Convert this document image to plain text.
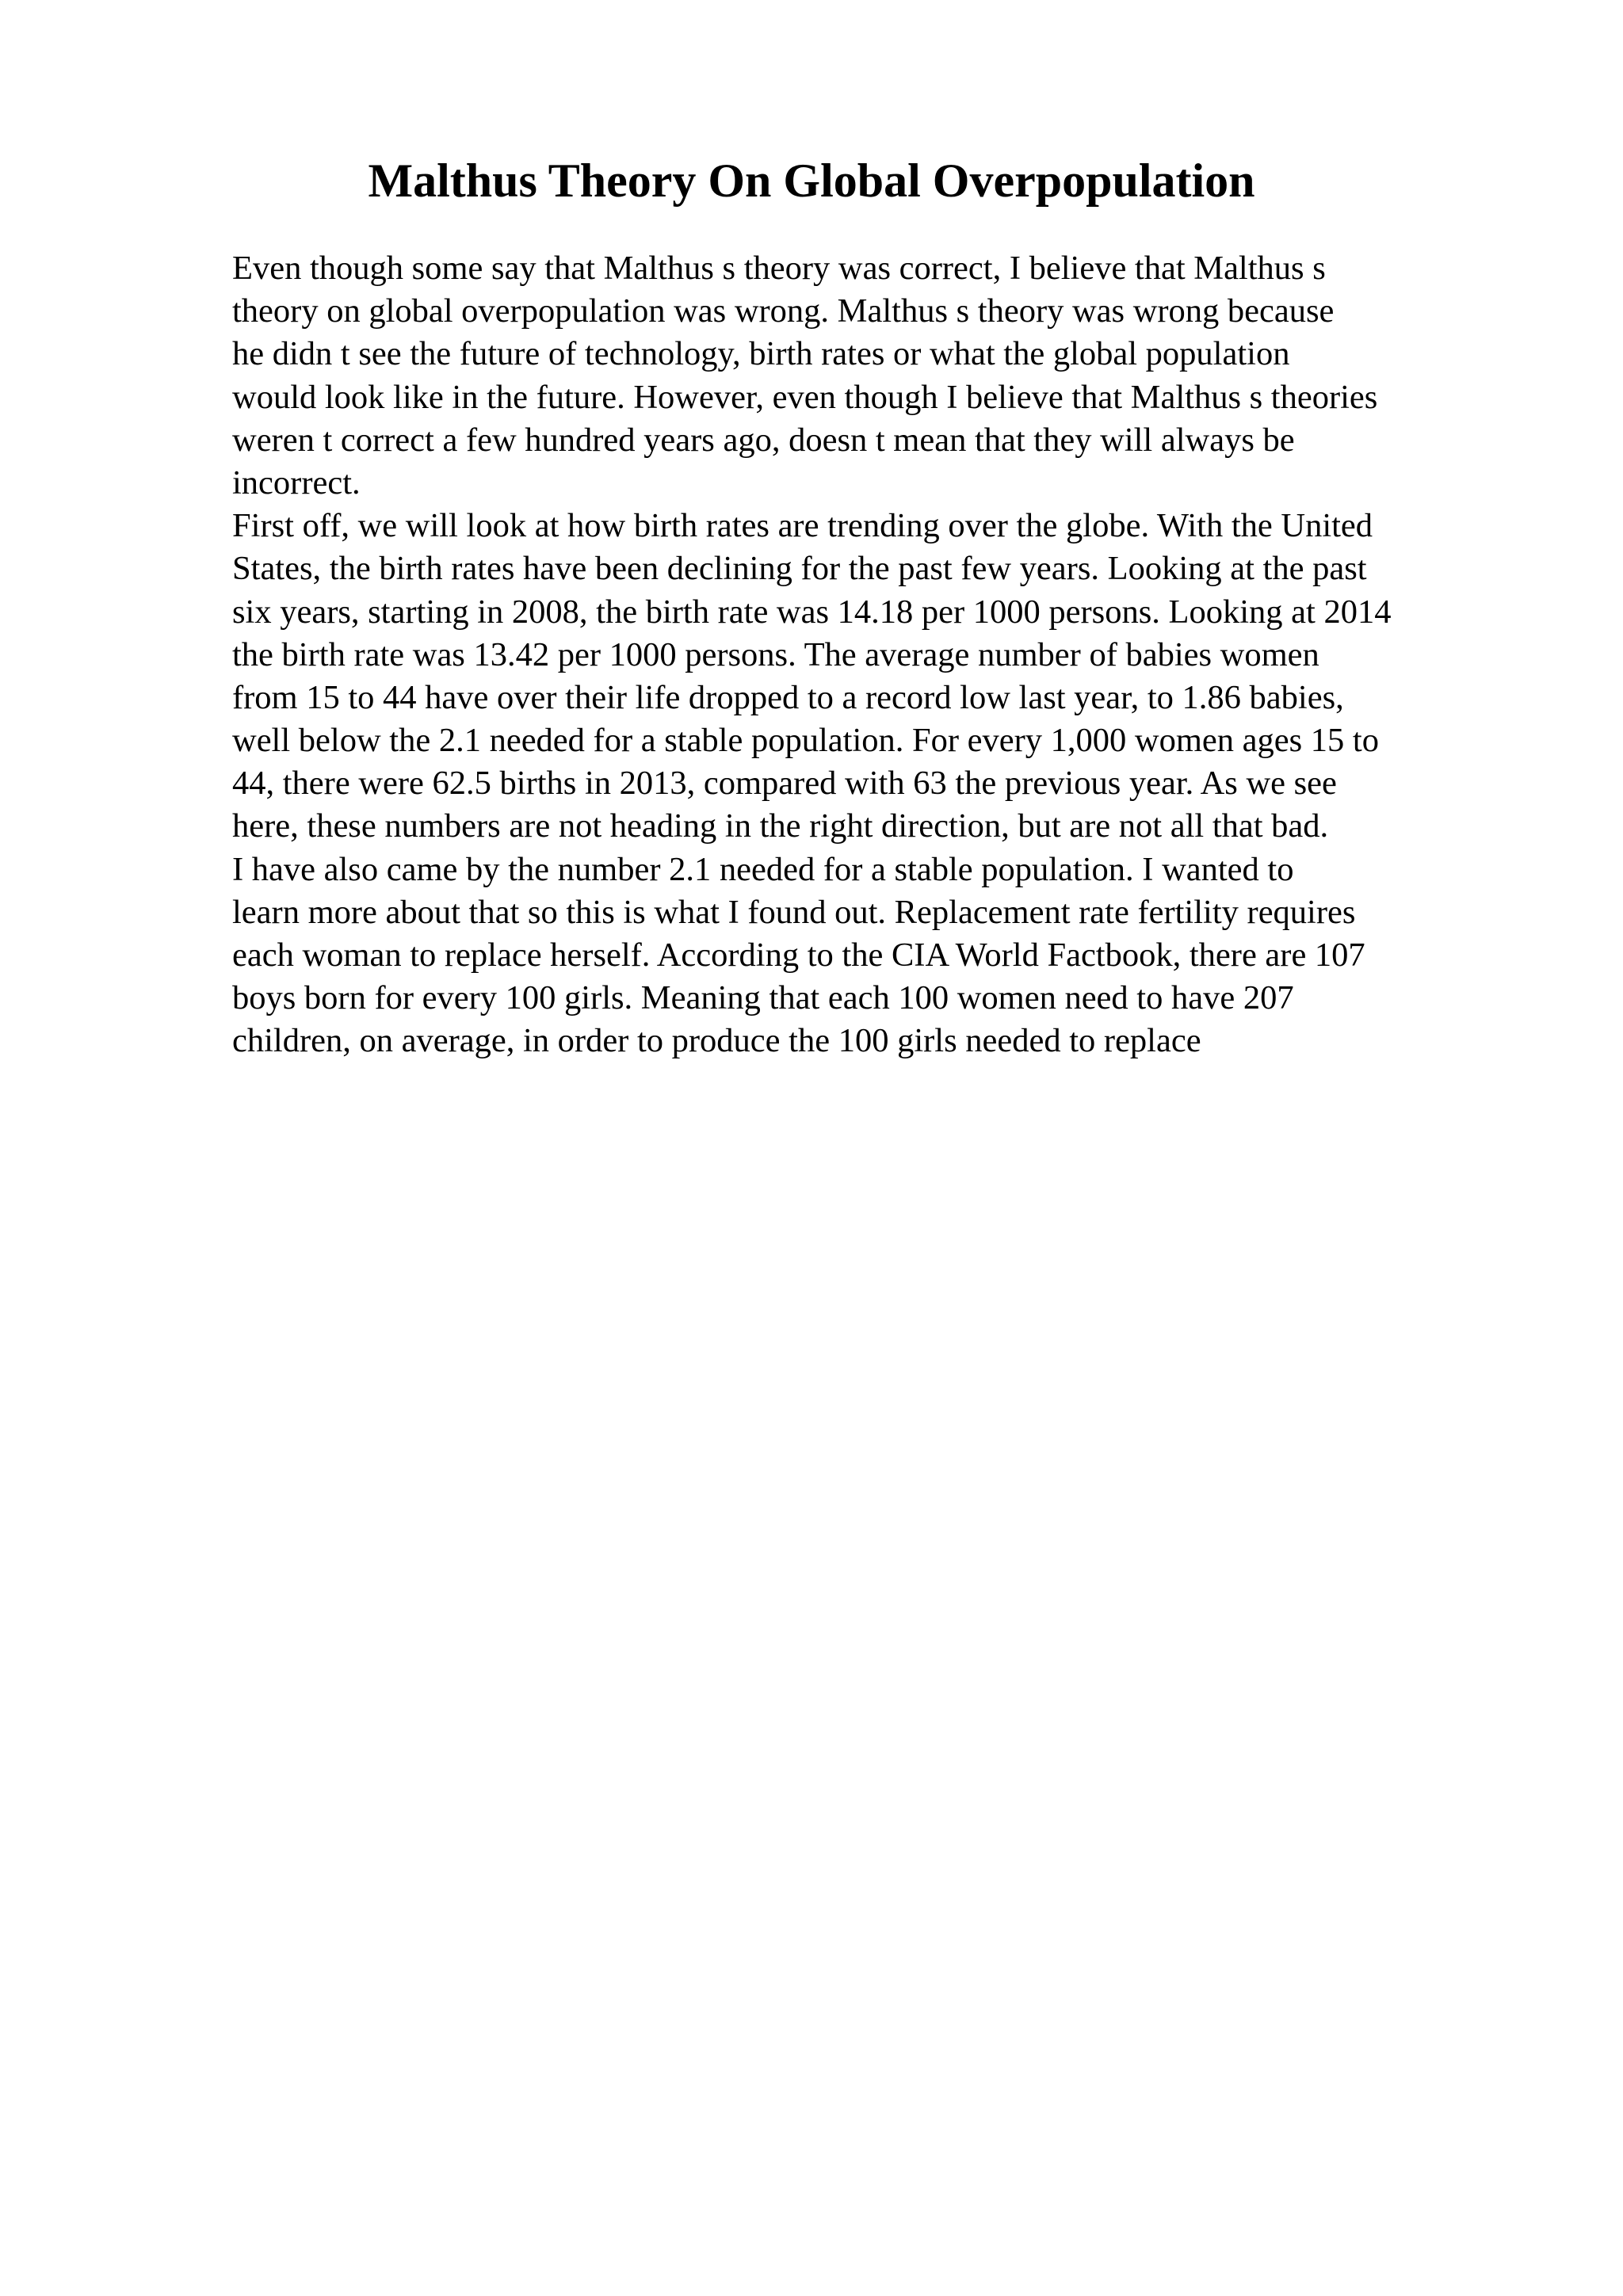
Malthus Theory On Global Overpopulation
Even though some say that Malthus s theory was correct, I believe that Malthus s
theory on global overpopulation was wrong. Malthus s theory was wrong because
he didn t see the future of technology, birth rates or what the global population
would look like in the future. However, even though I believe that Malthus s theories
weren t correct a few hundred years ago, doesn t mean that they will always be
incorrect.
First off, we will look at how birth rates are trending over the globe. With the United
States, the birth rates have been declining for the past few years. Looking at the past
six years, starting in 2008, the birth rate was 14.18 per 1000 persons. Looking at 2014
the birth rate was 13.42 per 1000 persons. The average number of babies women
from 15 to 44 have over their life dropped to a record low last year, to 1.86 babies,
well below the 2.1 needed for a stable population. For every 1,000 women ages 15 to
44, there were 62.5 births in 2013, compared with 63 the previous year. As we see
here, these numbers are not heading in the right direction, but are not all that bad.
I have also came by the number 2.1 needed for a stable population. I wanted to
learn more about that so this is what I found out. Replacement rate fertility requires
each woman to replace herself. According to the CIA World Factbook, there are 107
boys born for every 100 girls. Meaning that each 100 women need to have 207
children, on average, in order to produce the 100 girls needed to replace
